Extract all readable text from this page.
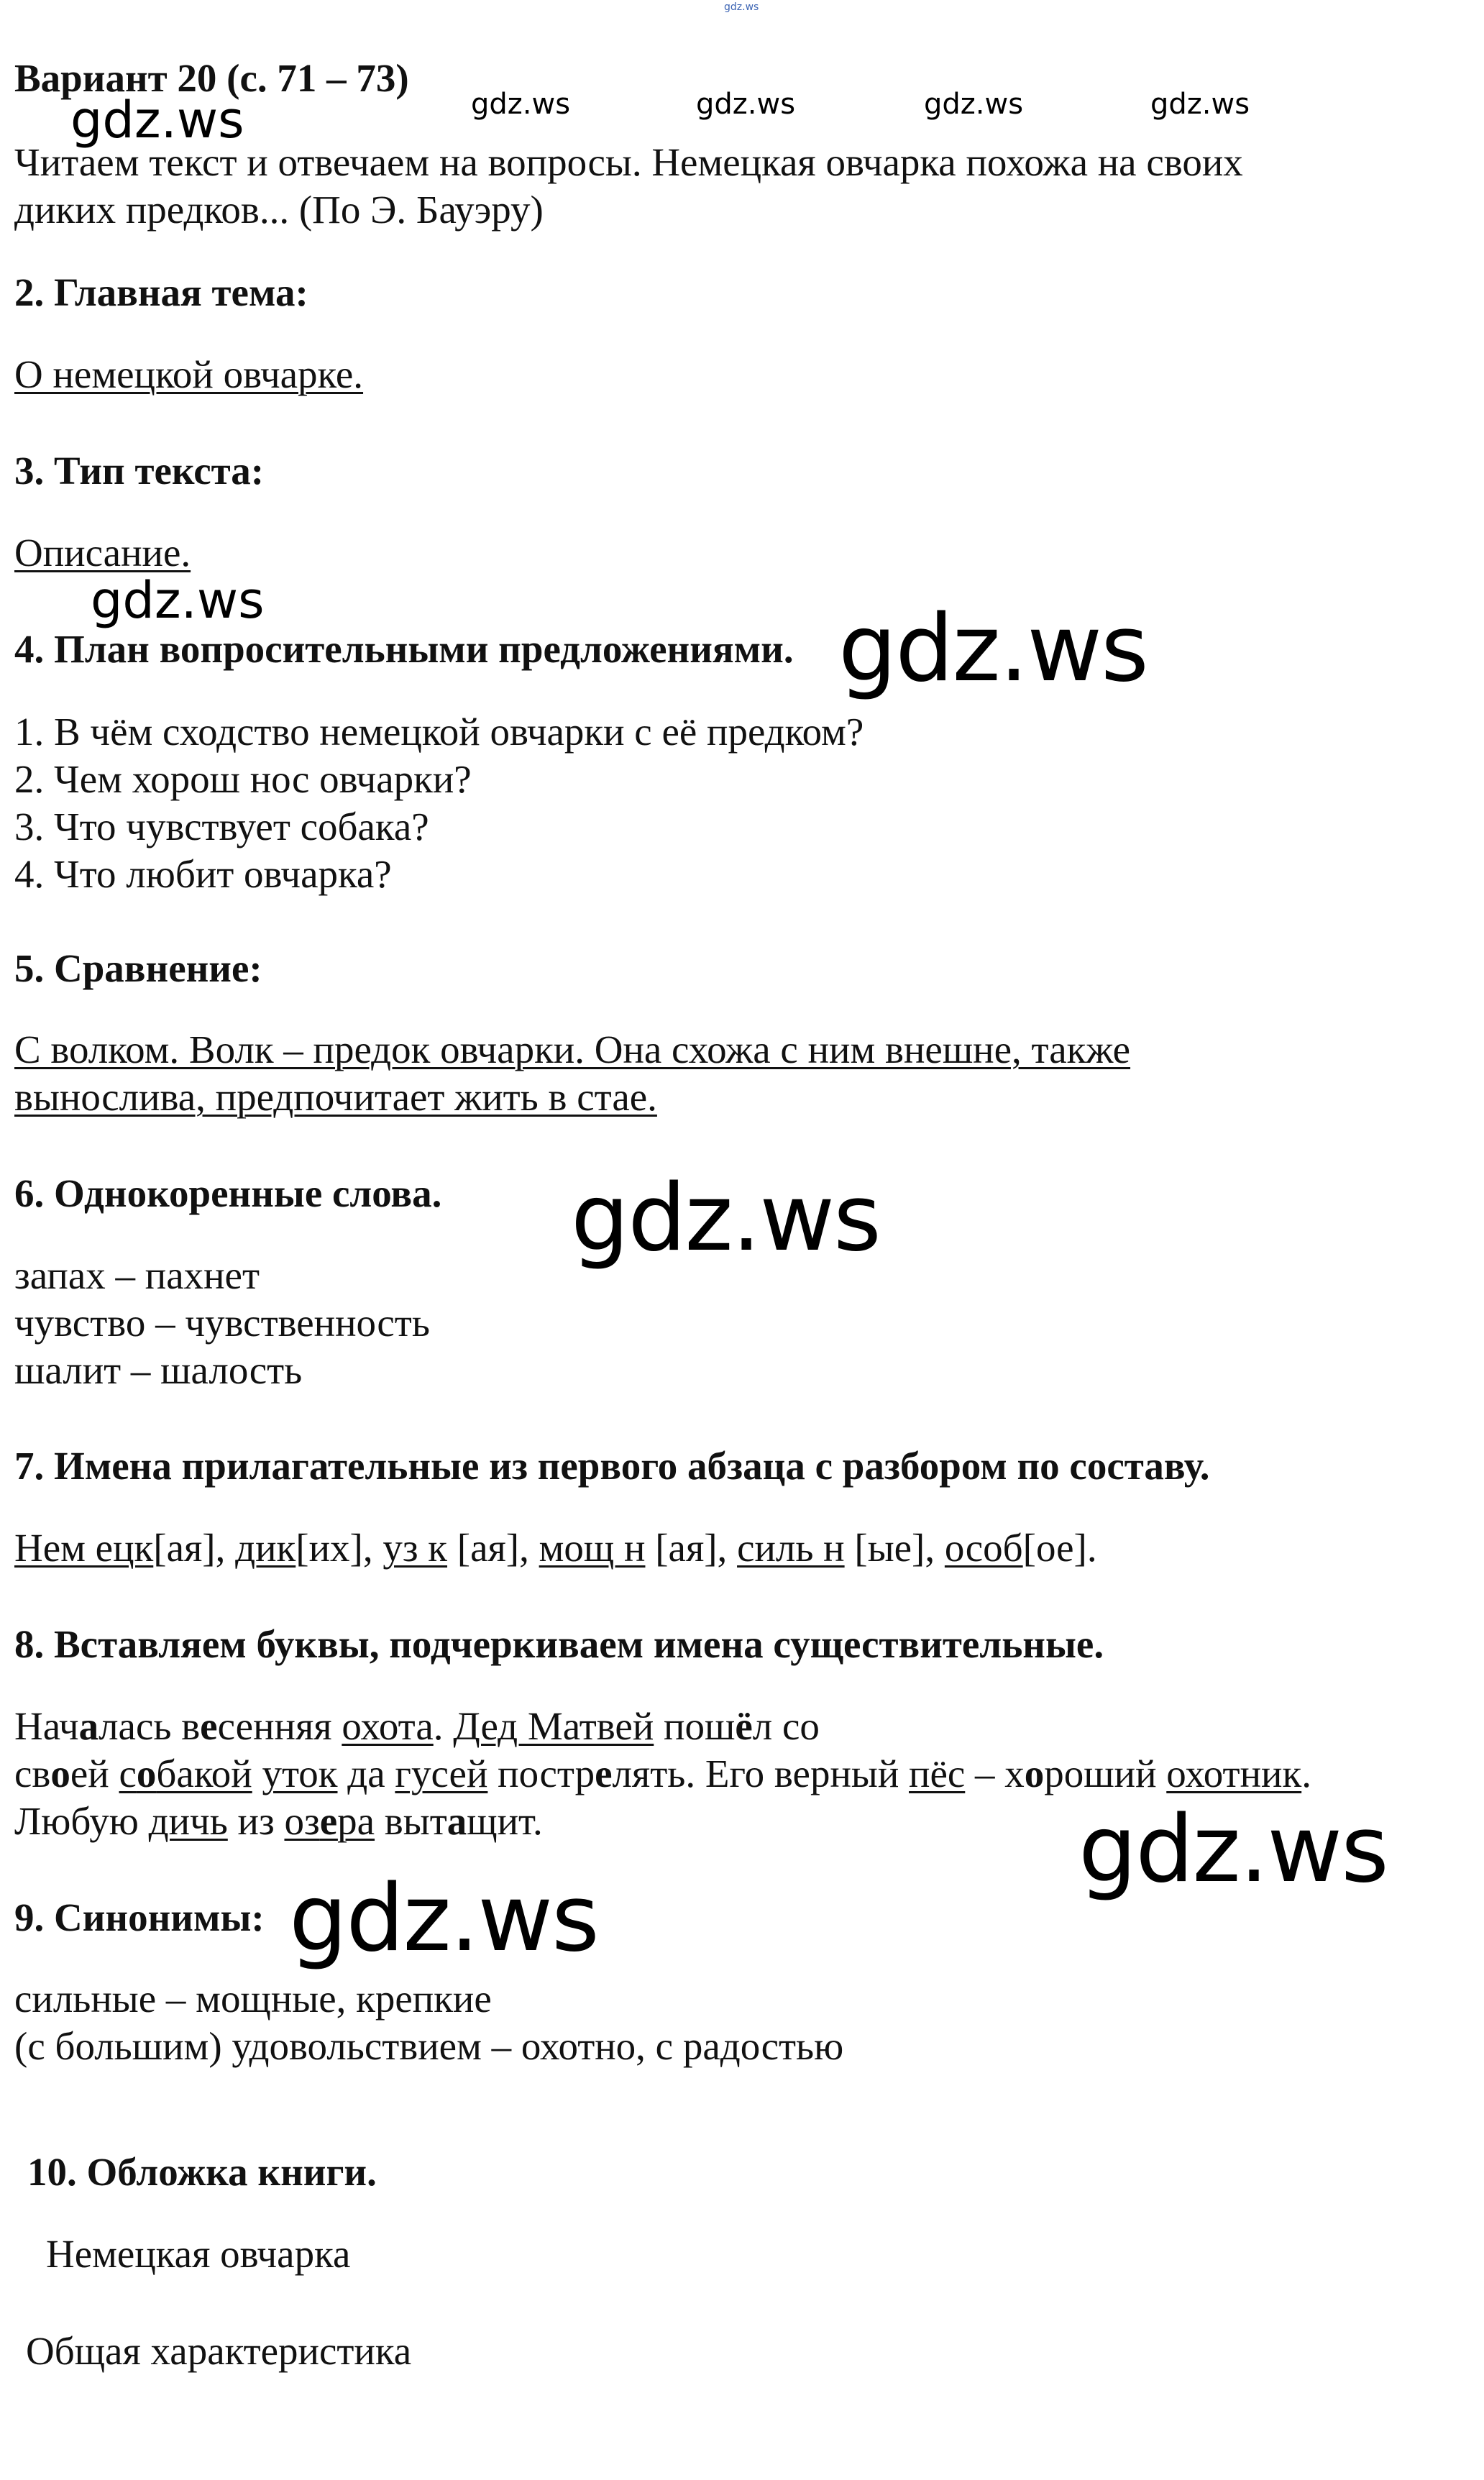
gdz.ws
Вариант 20 (с. 71 – 73)
gdz.ws	gdz.ws	gdz.ws	gdz.ws	gdz.ws
Читаем текст и отвечаем на вопросы. Немецкая овчарка похожа на своих
диких предков... (По Э. Бауэру)
2. Главная тема:
О немецкой овчарке.
3. Тип текста:
Описание.
gdz.ws
4. План вопросительными предложениями. gdz.ws
1. В чём сходство немецкой овчарки с её предком?
2. Чем хорош нос овчарки?
3. Что чувствует собака?
4. Что любит овчарка?
5. Сравнение:
С волком. Волк – предок овчарки. Она схожа с ним внешне, также
вынослива, предпочитает жить в стае.
6. Однокоренные слова. gdz.ws
запах – пахнет
чувство – чувственность
шалит – шалость
7. Имена прилагательные из первого абзаца с разбором по составу.
Нем ецк[ая], дик[их], уз к [ая], мощ н [ая], силь н [ые], особ[ое].
8. Вставляем буквы, подчеркиваем имена существительные.
Началась весенняя охота. Дед Матвей пошёл со
своей собакой уток да гусей пострелять. Его верный пёс – хороший охотник.
Любую дичь из озера вытащит.	gdz.ws
9. Синонимы: gdz.ws
сильные – мощные, крепкие
(с большим) удовольствием – охотно, с радостью
10. Обложка книги.
Немецкая овчарка
Общая характеристика
